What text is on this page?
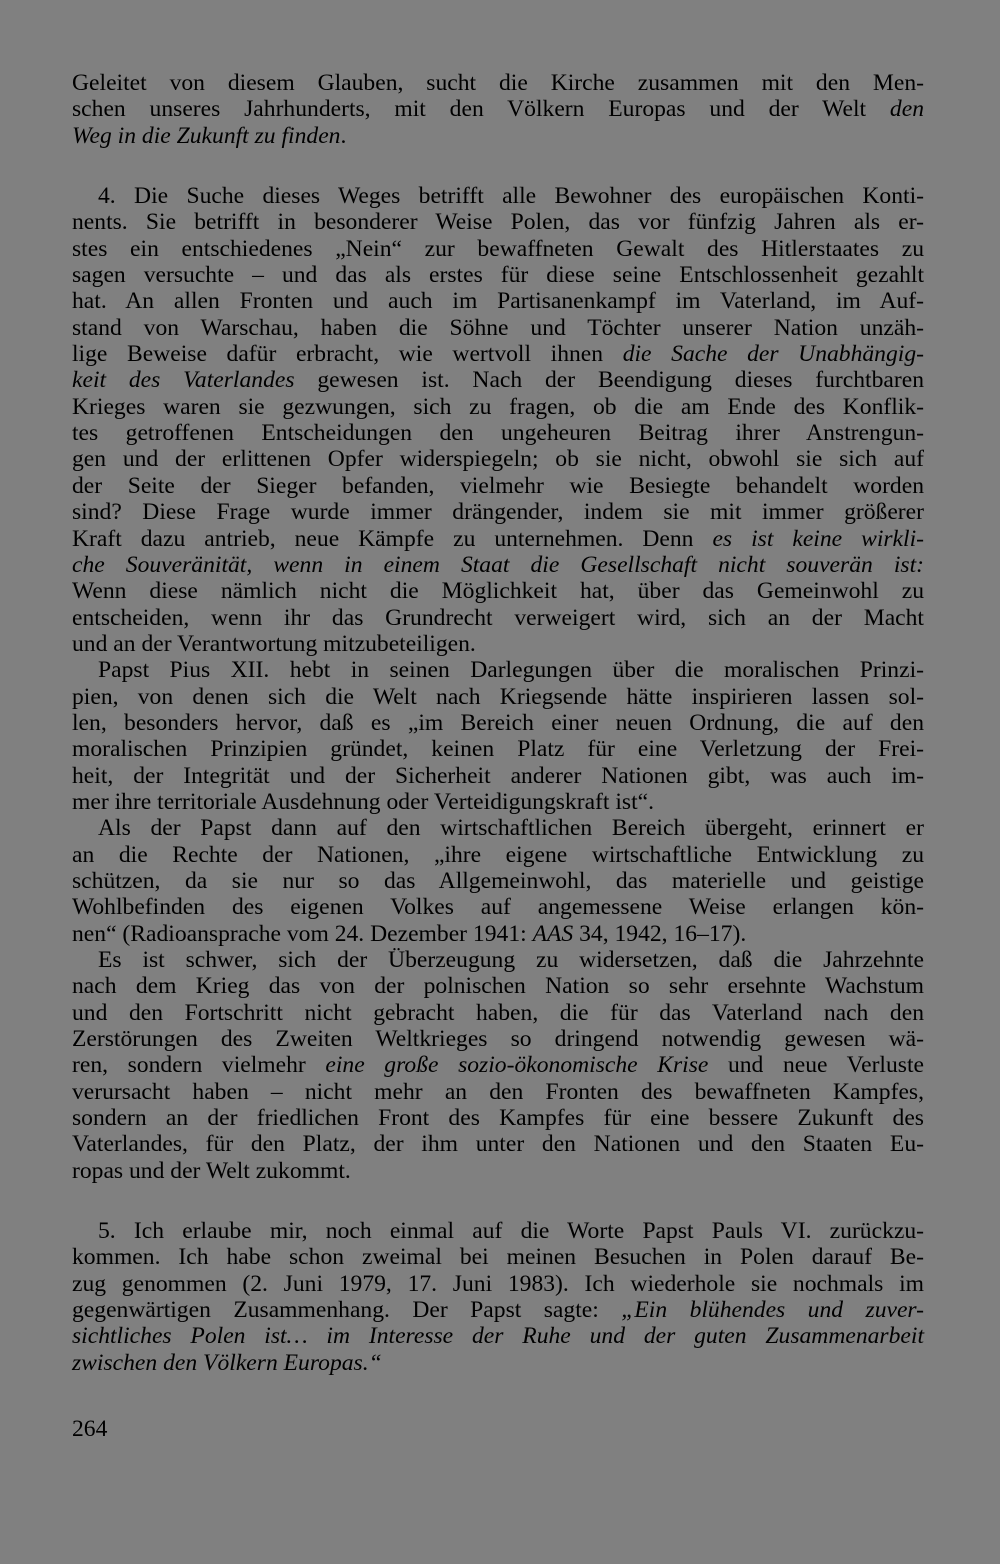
Geleitet von diesem Glauben, sucht die Kirche zusammen mit den Men-
schen unseres Jahrhunderts, mit den Völkern Europas und der Welt den
Weg in die Zukunft zu finden.
4. Die Suche dieses Weges betrifft alle Bewohner des europäischen Konti-
nents. Sie betrifft in besonderer Weise Polen, das vor fünfzig Jahren als er-
stes ein entschiedenes „Nein“ zur bewaffneten Gewalt des Hitlerstaates zu
sagen versuchte – und das als erstes für diese seine Entschlossenheit gezahlt
hat. An allen Fronten und auch im Partisanenkampf im Vaterland, im Auf-
stand von Warschau, haben die Söhne und Töchter unserer Nation unzäh-
lige Beweise dafür erbracht, wie wertvoll ihnen die Sache der Unabhängig-
keit des Vaterlandes gewesen ist. Nach der Beendigung dieses furchtbaren
Krieges waren sie gezwungen, sich zu fragen, ob die am Ende des Konflik-
tes getroffenen Entscheidungen den ungeheuren Beitrag ihrer Anstrengun-
gen und der erlittenen Opfer widerspiegeln; ob sie nicht, obwohl sie sich auf
der Seite der Sieger befanden, vielmehr wie Besiegte behandelt worden
sind? Diese Frage wurde immer drängender, indem sie mit immer größerer
Kraft dazu antrieb, neue Kämpfe zu unternehmen. Denn es ist keine wirkli-
che Souveränität, wenn in einem Staat die Gesellschaft nicht souverän ist:
Wenn diese nämlich nicht die Möglichkeit hat, über das Gemeinwohl zu
entscheiden, wenn ihr das Grundrecht verweigert wird, sich an der Macht
und an der Verantwortung mitzubeteiligen.
Papst Pius XII. hebt in seinen Darlegungen über die moralischen Prinzi-
pien, von denen sich die Welt nach Kriegsende hätte inspirieren lassen sol-
len, besonders hervor, daß es „im Bereich einer neuen Ordnung, die auf den
moralischen Prinzipien gründet, keinen Platz für eine Verletzung der Frei-
heit, der Integrität und der Sicherheit anderer Nationen gibt, was auch im-
mer ihre territoriale Ausdehnung oder Verteidigungskraft ist“.
Als der Papst dann auf den wirtschaftlichen Bereich übergeht, erinnert er
an die Rechte der Nationen, „ihre eigene wirtschaftliche Entwicklung zu
schützen, da sie nur so das Allgemeinwohl, das materielle und geistige
Wohlbefinden des eigenen Volkes auf angemessene Weise erlangen kön-
nen“ (Radioansprache vom 24. Dezember 1941: AAS 34, 1942, 16–17).
Es ist schwer, sich der Überzeugung zu widersetzen, daß die Jahrzehnte
nach dem Krieg das von der polnischen Nation so sehr ersehnte Wachstum
und den Fortschritt nicht gebracht haben, die für das Vaterland nach den
Zerstörungen des Zweiten Weltkrieges so dringend notwendig gewesen wä-
ren, sondern vielmehr eine große sozio-ökonomische Krise und neue Verluste
verursacht haben – nicht mehr an den Fronten des bewaffneten Kampfes,
sondern an der friedlichen Front des Kampfes für eine bessere Zukunft des
Vaterlandes, für den Platz, der ihm unter den Nationen und den Staaten Eu-
ropas und der Welt zukommt.
5. Ich erlaube mir, noch einmal auf die Worte Papst Pauls VI. zurückzu-
kommen. Ich habe schon zweimal bei meinen Besuchen in Polen darauf Be-
zug genommen (2. Juni 1979, 17. Juni 1983). Ich wiederhole sie nochmals im
gegenwärtigen Zusammenhang. Der Papst sagte: „Ein blühendes und zuver-
sichtliches Polen ist… im Interesse der Ruhe und der guten Zusammenarbeit
zwischen den Völkern Europas.“
264
